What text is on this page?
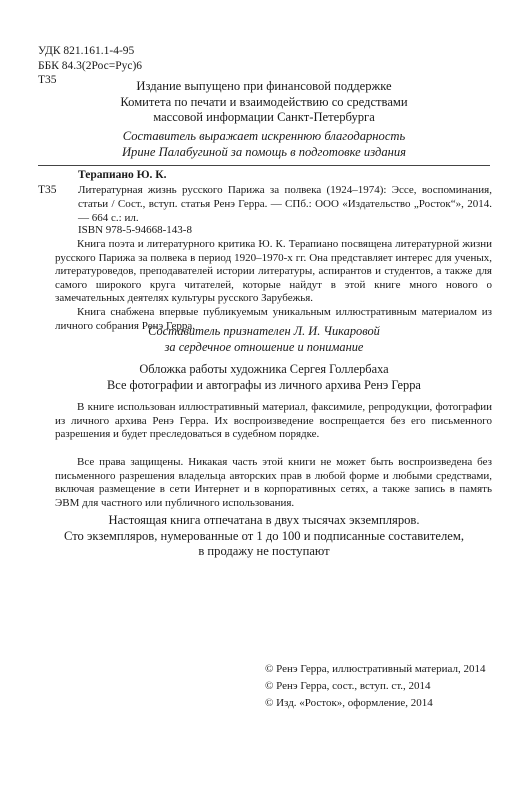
УДК 821.161.1-4-95
ББК 84.3(2Рос=Рус)6
Т35	Издание выпущено при финансовой поддержке
Комитета по печати и взаимодействию со средствами
массовой информации Санкт-Петербурга
Составитель выражает искреннюю благодарность
Ирине Палабугиной за помощь в подготовке издания
Терапиано Ю. К.
Т35 Литературная жизнь русского Парижа за полвека (1924–1974): Эссе, воспоминания, статьи / Сост., вступ. статья Ренэ Герра. — СПб.: ООО «Издательство „Росток“», 2014. — 664 с.: ил.

ISBN 978-5-94668-143-8

Книга поэта и литературного критика Ю. К. Терапиано посвящена литературной жизни русского Парижа за полвека в период 1920–1970-х гг. Она представляет интерес для ученых, литературоведов, преподавателей истории литературы, аспирантов и студентов, а также для самого широкого круга читателей, которые найдут в этой книге много нового о замечательных деятелях культуры русского Зарубежья.

Книга снабжена впервые публикуемым уникальным иллюстративным материалом из личного собрания Ренэ Герра.

Составитель признателен Л. И. Чикаровой
за сердечное отношение и понимание
Обложка работы художника Сергея Голлербаха
Все фотографии и автографы из личного архива Ренэ Герра

В книге использован иллюстративный материал, факсимиле, репродукции, фотографии из личного архива Ренэ Герра. Их воспроизведение воспрещается без его письменного разрешения и будет преследоваться в судебном порядке.

Все права защищены. Никакая часть этой книги не может быть воспроизведена без письменного разрешения владельца авторских прав в любой форме и любыми средствами, включая размещение в сети Интернет и в корпоративных сетях, а также запись в память ЭВМ для частного или публичного использования.

Настоящая книга отпечатана в двух тысячах экземпляров.
Сто экземпляров, нумерованные от 1 до 100 и подписанные составителем,
в продажу не поступают
© Ренэ Герра, иллюстративный материал, 2014
© Ренэ Герра, сост., вступ. ст., 2014
© Изд. «Росток», оформление, 2014
